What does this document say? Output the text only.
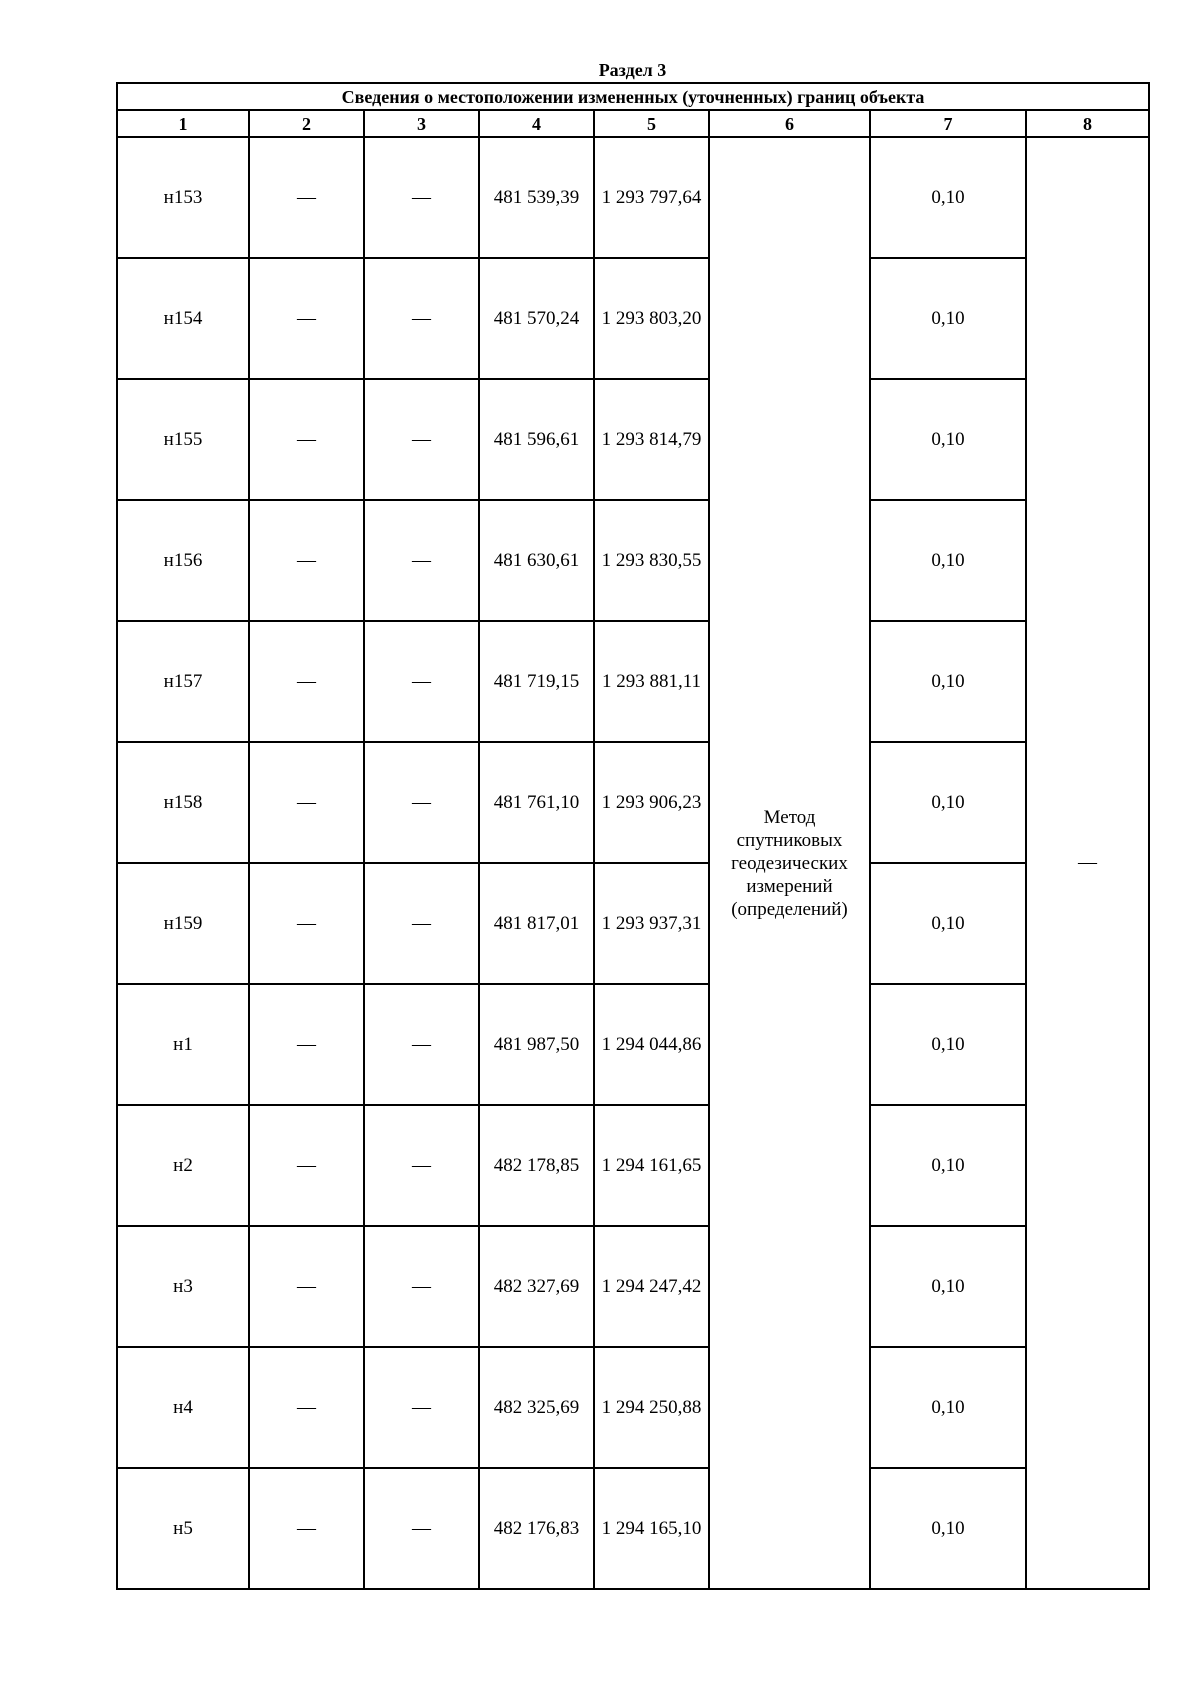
Раздел 3
Сведения о местоположении измененных (уточненных) границ объекта							
1	2	3	4	5	6	7	8
н153	—	—	481 539,39	1 293 797,64	Метод
спутниковых
геодезических
измерений
(определений)	0,10	—
н154	—	—	481 570,24	1 293 803,20		0,10	
н155	—	—	481 596,61	1 293 814,79		0,10	
н156	—	—	481 630,61	1 293 830,55		0,10	
н157	—	—	481 719,15	1 293 881,11		0,10	
н158	—	—	481 761,10	1 293 906,23		0,10	
н159	—	—	481 817,01	1 293 937,31		0,10	
н1	—	—	481 987,50	1 294 044,86		0,10	
н2	—	—	482 178,85	1 294 161,65		0,10	
н3	—	—	482 327,69	1 294 247,42		0,10	
н4	—	—	482 325,69	1 294 250,88		0,10	
н5	—	—	482 176,83	1 294 165,10		0,10	
